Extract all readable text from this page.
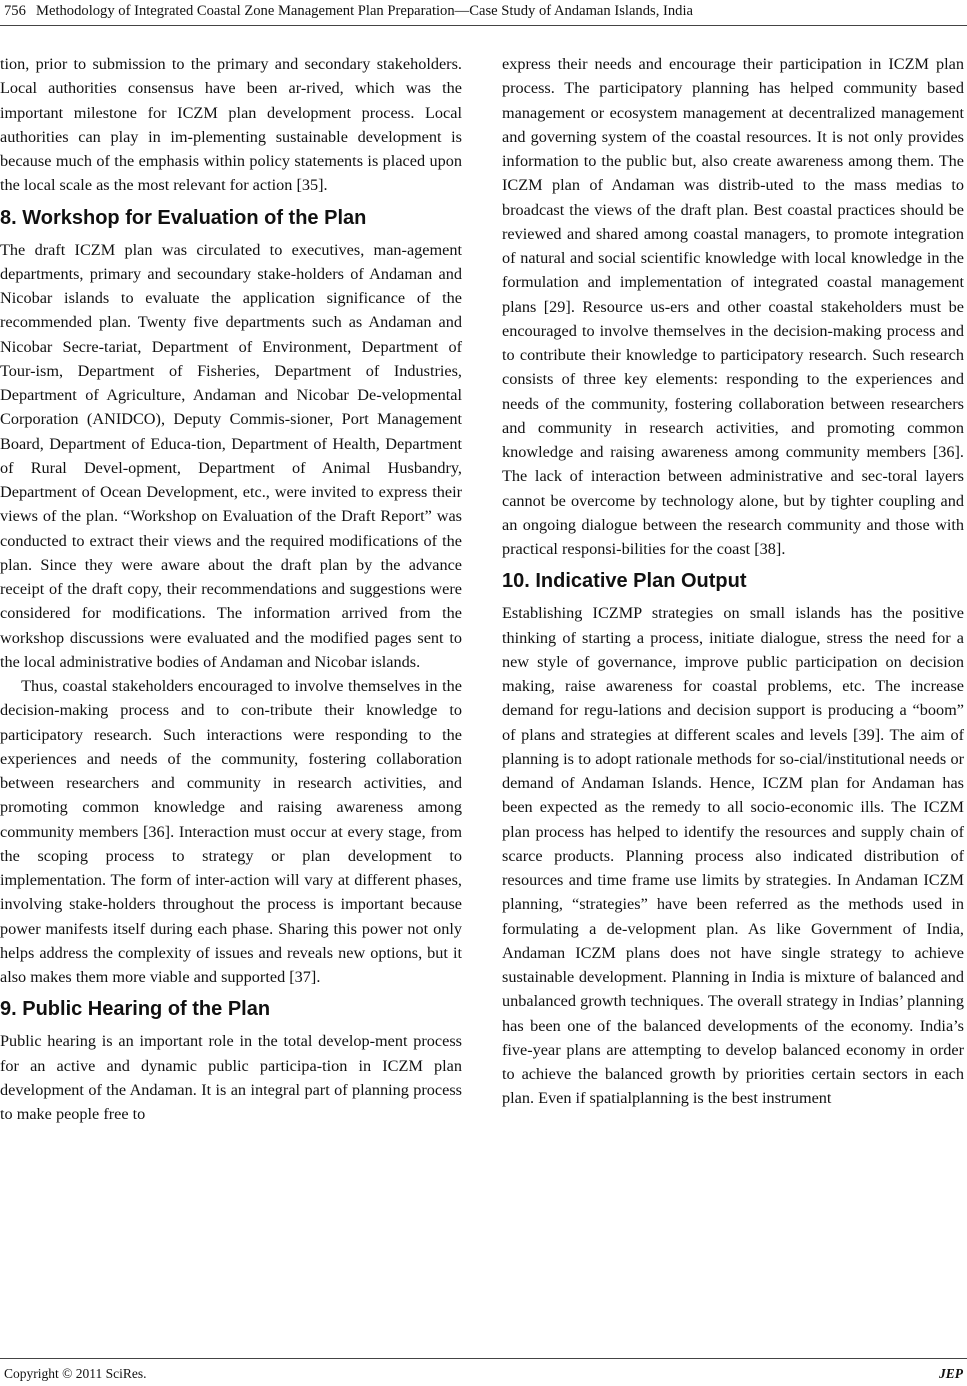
756 Methodology of Integrated Coastal Zone Management Plan Preparation—Case Study of Andaman Islands, India

tion, prior to submission to the primary and secondary stakeholders. Local authorities consensus have been ar-rived, which was the important milestone for ICZM plan development process. Local authorities can play in im-plementing sustainable development is because much of the emphasis within policy statements is placed upon the local scale as the most relevant for action [35].

8. Workshop for Evaluation of the Plan

The draft ICZM plan was circulated to executives, man-agement departments, primary and secoundary stake-holders of Andaman and Nicobar islands to evaluate the application significance of the recommended plan. Twenty five departments such as Andaman and Nicobar Secre-tariat, Department of Environment, Department of Tour-ism, Department of Fisheries, Department of Industries, Department of Agriculture, Andaman and Nicobar De-velopmental Corporation (ANIDCO), Deputy Commis-sioner, Port Management Board, Department of Educa-tion, Department of Health, Department of Rural Devel-opment, Department of Animal Husbandry, Department of Ocean Development, etc., were invited to express their views of the plan. “Workshop on Evaluation of the Draft Report” was conducted to extract their views and the required modifications of the plan. Since they were aware about the draft plan by the advance receipt of the draft copy, their recommendations and suggestions were considered for modifications. The information arrived from the workshop discussions were evaluated and the modified pages sent to the local administrative bodies of Andaman and Nicobar islands.

Thus, coastal stakeholders encouraged to involve themselves in the decision-making process and to con-tribute their knowledge to participatory research. Such interactions were responding to the experiences and needs of the community, fostering collaboration between researchers and community in research activities, and promoting common knowledge and raising awareness among community members [36]. Interaction must occur at every stage, from the scoping process to strategy or plan development to implementation. The form of inter-action will vary at different phases, involving stake-holders throughout the process is important because power manifests itself during each phase. Sharing this power not only helps address the complexity of issues and reveals new options, but it also makes them more viable and supported [37].

9. Public Hearing of the Plan

Public hearing is an important role in the total develop-ment process for an active and dynamic public participa-tion in ICZM plan development of the Andaman. It is an integral part of planning process to make people free to

express their needs and encourage their participation in ICZM plan process. The participatory planning has helped community based management or ecosystem management at decentralized management and governing system of the coastal resources. It is not only provides information to the public but, also create awareness among them. The ICZM plan of Andaman was distrib-uted to the mass medias to broadcast the views of the draft plan. Best coastal practices should be reviewed and shared among coastal managers, to promote integration of natural and social scientific knowledge with local knowledge in the formulation and implementation of integrated coastal management plans [29]. Resource us-ers and other coastal stakeholders must be encouraged to involve themselves in the decision-making process and to contribute their knowledge to participatory research. Such research consists of three key elements: responding to the experiences and needs of the community, fostering collaboration between researchers and community in research activities, and promoting common knowledge and raising awareness among community members [36]. The lack of interaction between administrative and sec-toral layers cannot be overcome by technology alone, but by tighter coupling and an ongoing dialogue between the research community and those with practical responsi-bilities for the coast [38].

10. Indicative Plan Output

Establishing ICZMP strategies on small islands has the positive thinking of starting a process, initiate dialogue, stress the need for a new style of governance, improve public participation on decision making, raise awareness for coastal problems, etc. The increase demand for regu-lations and decision support is producing a “boom” of plans and strategies at different scales and levels [39]. The aim of planning is to adopt rationale methods for so-cial/institutional needs or demand of Andaman Islands. Hence, ICZM plan for Andaman has been expected as the remedy to all socio-economic ills. The ICZM plan process has helped to identify the resources and supply chain of scarce products. Planning process also indicated distribution of resources and time frame use limits by strategies. In Andaman ICZM planning, “strategies” have been referred as the methods used in formulating a de-velopment plan. As like Government of India, Andaman ICZM plans does not have single strategy to achieve sustainable development. Planning in India is mixture of balanced and unbalanced growth techniques. The overall strategy in Indias’ planning has been one of the balanced developments of the economy. India’s five-year plans are attempting to develop balanced economy in order to achieve the balanced growth by priorities certain sectors in each plan. Even if spatialplanning is the best instrument

Copyright © 2011 SciRes.	JEP
